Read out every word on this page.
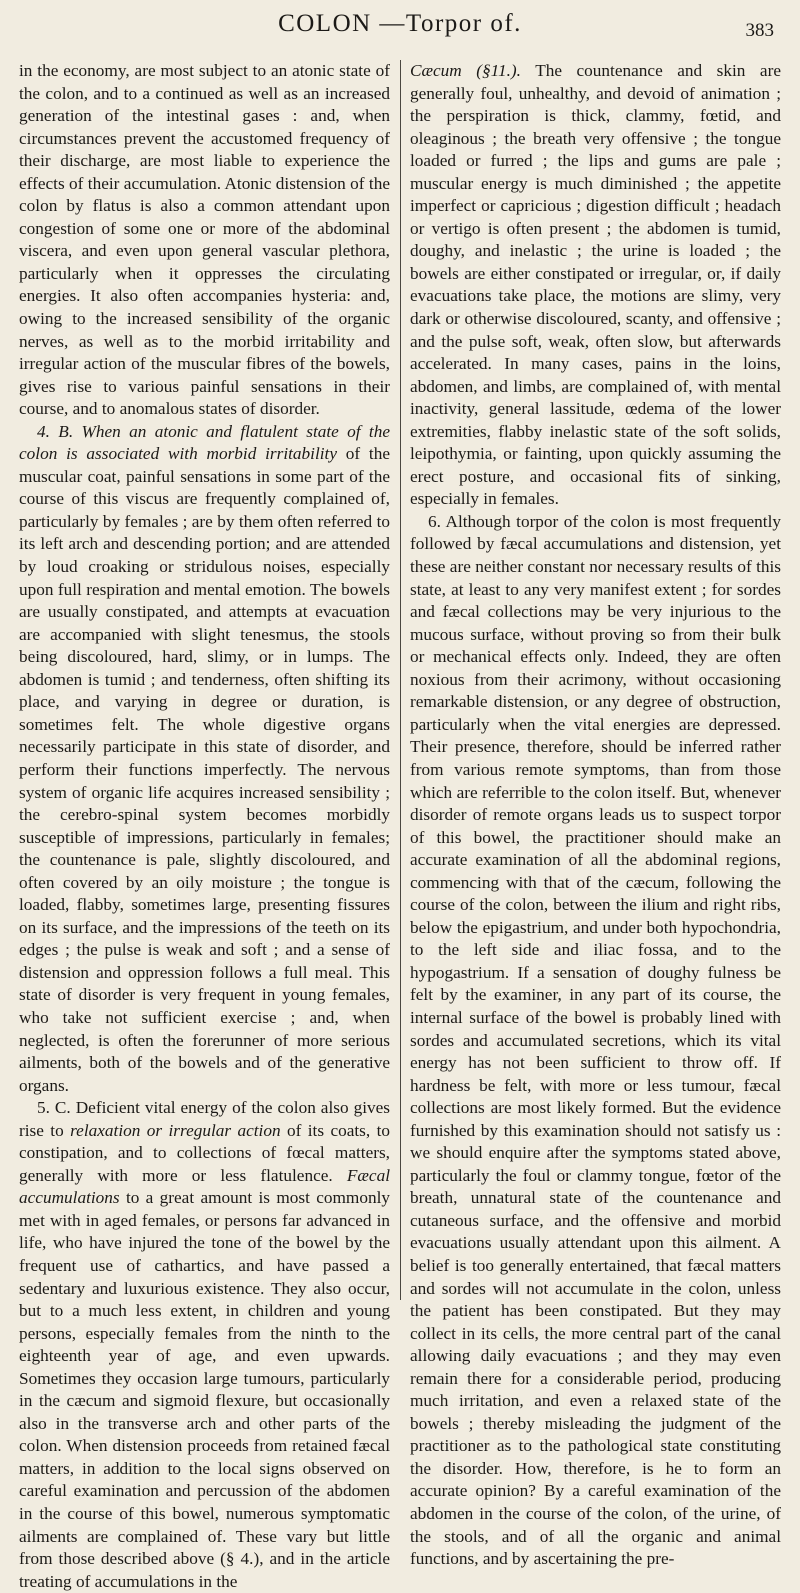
COLON —Torpor of.	383

in the economy, are most subject to an atonic state of the colon, and to a continued as well as an increased generation of the intestinal gases : and, when circumstances prevent the accustomed frequency of their discharge, are most liable to experience the effects of their accumulation. Atonic distension of the colon by flatus is also a common attendant upon congestion of some one or more of the abdominal viscera, and even upon general vascular plethora, particularly when it oppresses the circulating energies. It also often accompanies hysteria: and, owing to the increased sensibility of the organic nerves, as well as to the morbid irritability and irregular action of the muscular fibres of the bowels, gives rise to various painful sensations in their course, and to anomalous states of disorder.

4. B. When an atonic and flatulent state of the colon is associated with morbid irritability of the muscular coat, painful sensations in some part of the course of this viscus are frequently complained of, particularly by females ; are by them often referred to its left arch and descending portion; and are attended by loud croaking or stridulous noises, especially upon full respiration and mental emotion. The bowels are usually constipated, and attempts at evacuation are accompanied with slight tenesmus, the stools being discoloured, hard, slimy, or in lumps. The abdomen is tumid ; and tenderness, often shifting its place, and varying in degree or duration, is sometimes felt. The whole digestive organs necessarily participate in this state of disorder, and perform their functions imperfectly. The nervous system of organic life acquires increased sensibility ; the cerebro-spinal system becomes morbidly susceptible of impressions, particularly in females; the countenance is pale, slightly discoloured, and often covered by an oily moisture ; the tongue is loaded, flabby, sometimes large, presenting fissures on its surface, and the impressions of the teeth on its edges ; the pulse is weak and soft ; and a sense of distension and oppression follows a full meal. This state of disorder is very frequent in young females, who take not sufficient exercise ; and, when neglected, is often the forerunner of more serious ailments, both of the bowels and of the generative organs.

5. C. Deficient vital energy of the colon also gives rise to relaxation or irregular action of its coats, to constipation, and to collections of fœcal matters, generally with more or less flatulence. Fæcal accumulations to a great amount is most commonly met with in aged females, or persons far advanced in life, who have injured the tone of the bowel by the frequent use of cathartics, and have passed a sedentary and luxurious existence. They also occur, but to a much less extent, in children and young persons, especially females from the ninth to the eighteenth year of age, and even upwards. Sometimes they occasion large tumours, particularly in the cæcum and sigmoid flexure, but occasionally also in the transverse arch and other parts of the colon. When distension proceeds from retained fæcal matters, in addition to the local signs observed on careful examination and percussion of the abdomen in the course of this bowel, numerous symptomatic ailments are complained of. These vary but little from those described above (§ 4.), and in the article treating of accumulations in the

Cæcum (§11.). The countenance and skin are generally foul, unhealthy, and devoid of animation ; the perspiration is thick, clammy, fœtid, and oleaginous ; the breath very offensive ; the tongue loaded or furred ; the lips and gums are pale ; muscular energy is much diminished ; the appetite imperfect or capricious ; digestion difficult ; headach or vertigo is often present ; the abdomen is tumid, doughy, and inelastic ; the urine is loaded ; the bowels are either constipated or irregular, or, if daily evacuations take place, the motions are slimy, very dark or otherwise discoloured, scanty, and offensive ; and the pulse soft, weak, often slow, but afterwards accelerated. In many cases, pains in the loins, abdomen, and limbs, are complained of, with mental inactivity, general lassitude, œdema of the lower extremities, flabby inelastic state of the soft solids, leipothymia, or fainting, upon quickly assuming the erect posture, and occasional fits of sinking, especially in females.

6. Although torpor of the colon is most frequently followed by fæcal accumulations and distension, yet these are neither constant nor necessary results of this state, at least to any very manifest extent ; for sordes and fæcal collections may be very injurious to the mucous surface, without proving so from their bulk or mechanical effects only. Indeed, they are often noxious from their acrimony, without occasioning remarkable distension, or any degree of obstruction, particularly when the vital energies are depressed. Their presence, therefore, should be inferred rather from various remote symptoms, than from those which are referrible to the colon itself. But, whenever disorder of remote organs leads us to suspect torpor of this bowel, the practitioner should make an accurate examination of all the abdominal regions, commencing with that of the cæcum, following the course of the colon, between the ilium and right ribs, below the epigastrium, and under both hypochondria, to the left side and iliac fossa, and to the hypogastrium. If a sensation of doughy fulness be felt by the examiner, in any part of its course, the internal surface of the bowel is probably lined with sordes and accumulated secretions, which its vital energy has not been sufficient to throw off. If hardness be felt, with more or less tumour, fæcal collections are most likely formed. But the evidence furnished by this examination should not satisfy us : we should enquire after the symptoms stated above, particularly the foul or clammy tongue, fœtor of the breath, unnatural state of the countenance and cutaneous surface, and the offensive and morbid evacuations usually attendant upon this ailment. A belief is too generally entertained, that fæcal matters and sordes will not accumulate in the colon, unless the patient has been constipated. But they may collect in its cells, the more central part of the canal allowing daily evacuations ; and they may even remain there for a considerable period, producing much irritation, and even a relaxed state of the bowels ; thereby misleading the judgment of the practitioner as to the pathological state constituting the disorder. How, therefore, is he to form an accurate opinion? By a careful examination of the abdomen in the course of the colon, of the urine, of the stools, and of all the organic and animal functions, and by ascertaining the pre-
